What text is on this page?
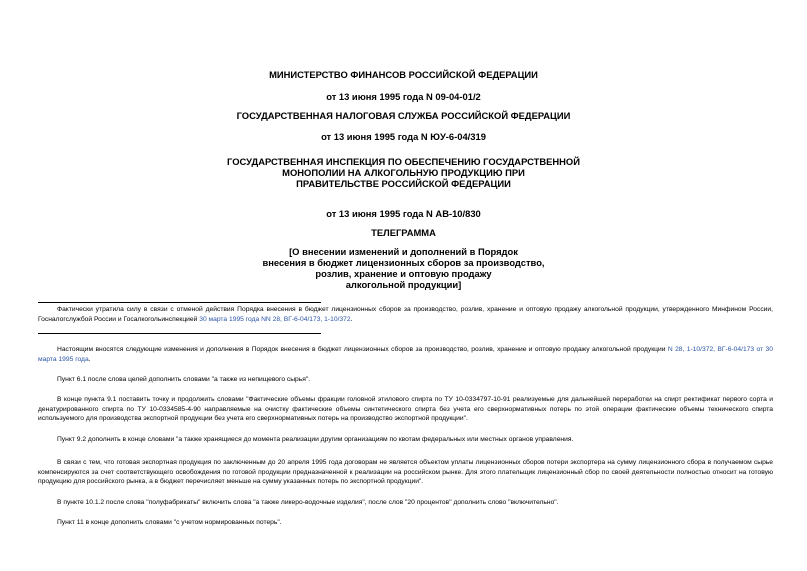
МИНИСТЕРСТВО ФИНАНСОВ РОССИЙСКОЙ ФЕДЕРАЦИИ
от 13 июня 1995 года N 09-04-01/2
ГОСУДАРСТВЕННАЯ НАЛОГОВАЯ СЛУЖБА РОССИЙСКОЙ ФЕДЕРАЦИИ
от 13 июня 1995 года N ЮУ-6-04/319
ГОСУДАРСТВЕННАЯ ИНСПЕКЦИЯ ПО ОБЕСПЕЧЕНИЮ ГОСУДАРСТВЕННОЙ
МОНОПОЛИИ НА АЛКОГОЛЬНУЮ ПРОДУКЦИЮ ПРИ
ПРАВИТЕЛЬСТВЕ РОССИЙСКОЙ ФЕДЕРАЦИИ
от 13 июня 1995 года N АВ-10/830
ТЕЛЕГРАММА
[О внесении изменений и дополнений в Порядок
внесения в бюджет лицензионных сборов за производство,
розлив, хранение и оптовую продажу
алкогольной продукции]
Фактически утратила силу в связи с отменой действия Порядка внесения в бюджет лицензионных сборов за производство, розлив, хранение и оптовую продажу алкогольной продукции, утвержденного Минфином России, Госналогслужбой России и Госалкогольинспекцией 30 марта 1995 года NN 28, ВГ-6-04/173, 1-10/372.
Настоящим вносятся следующие изменения и дополнения в Порядок внесения в бюджет лицензионных сборов за производство, розлив, хранение и оптовую продажу алкогольной продукции N 28, 1-10/372, ВГ-6-04/173 от 30 марта 1995 года.
Пункт 6.1 после слова целей дополнить словами "а также из непищевого сырья".
В конце пункта 9.1 поставить точку и продолжить словами "Фактические объемы фракции головной этилового спирта по ТУ 10-0334797-10-91 реализуемые для дальнейшей переработки на спирт ректификат первого сорта и денатурированного спирта по ТУ 10-0334585-4-90 направляемые на очистку фактические объемы синтетического спирта без учета его сверхнормативных потерь по этой операции фактические объемы технического спирта используемого для производства экспортной продукции без учета его сверхнормативных потерь на производство экспортной продукции".
Пункт 9.2 дополнить в конце словами "а также хранящиеся до момента реализации другим организациям по квотам федеральных или местных органов управления.
В связи с тем, что готовая экспортная продукция по заключенным до 20 апреля 1995 года договорам не является объектом уплаты лицензионных сборов потери экспортера на сумму лицензионного сбора в получаемом сырье компенсируются за счет соответствующего освобождения по готовой продукции предназначенной к реализации на российском рынке. Для этого плательщик лицензионный сбор по своей деятельности полностью относит на готовую продукцию для российского рынка, а в бюджет перечисляет меньше на сумму указанных потерь по экспортной продукции".
В пункте 10.1.2 после слова "полуфабрикаты" включить слова "а также ликеро-водочные изделия", после слов "20 процентов" дополнить слово "включительно".
Пункт 11 в конце дополнить словами "с учетом нормированных потерь".
